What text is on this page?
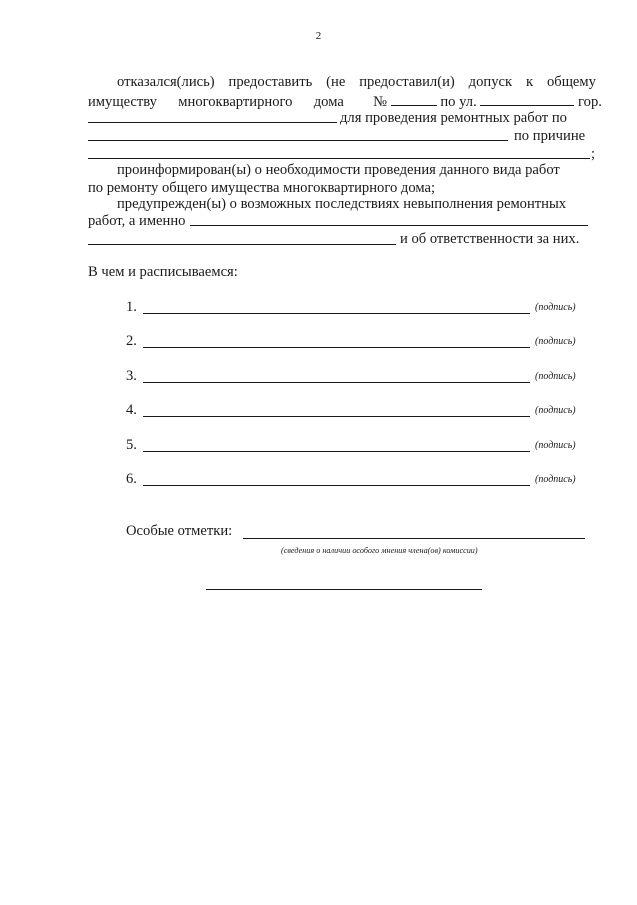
2
отказался(лись) предоставить (не предоставил(и) допуск к общему
имуществу многоквартирного дома №	по ул.	гор.
для проведения ремонтных работ по
по причине
;
проинформирован(ы) о необходимости проведения данного вида работ
по ремонту общего имущества многоквартирного дома;
предупрежден(ы) о возможных последствиях невыполнения ремонтных
работ, а именно
и об ответственности за них.
В чем и расписываемся:
1.	(подпись)
2.	(подпись)
3.	(подпись)
4.	(подпись)
5.	(подпись)
6.	(подпись)
Особые отметки:
(сведения о наличии особого мнения члена(ов) комиссии)
